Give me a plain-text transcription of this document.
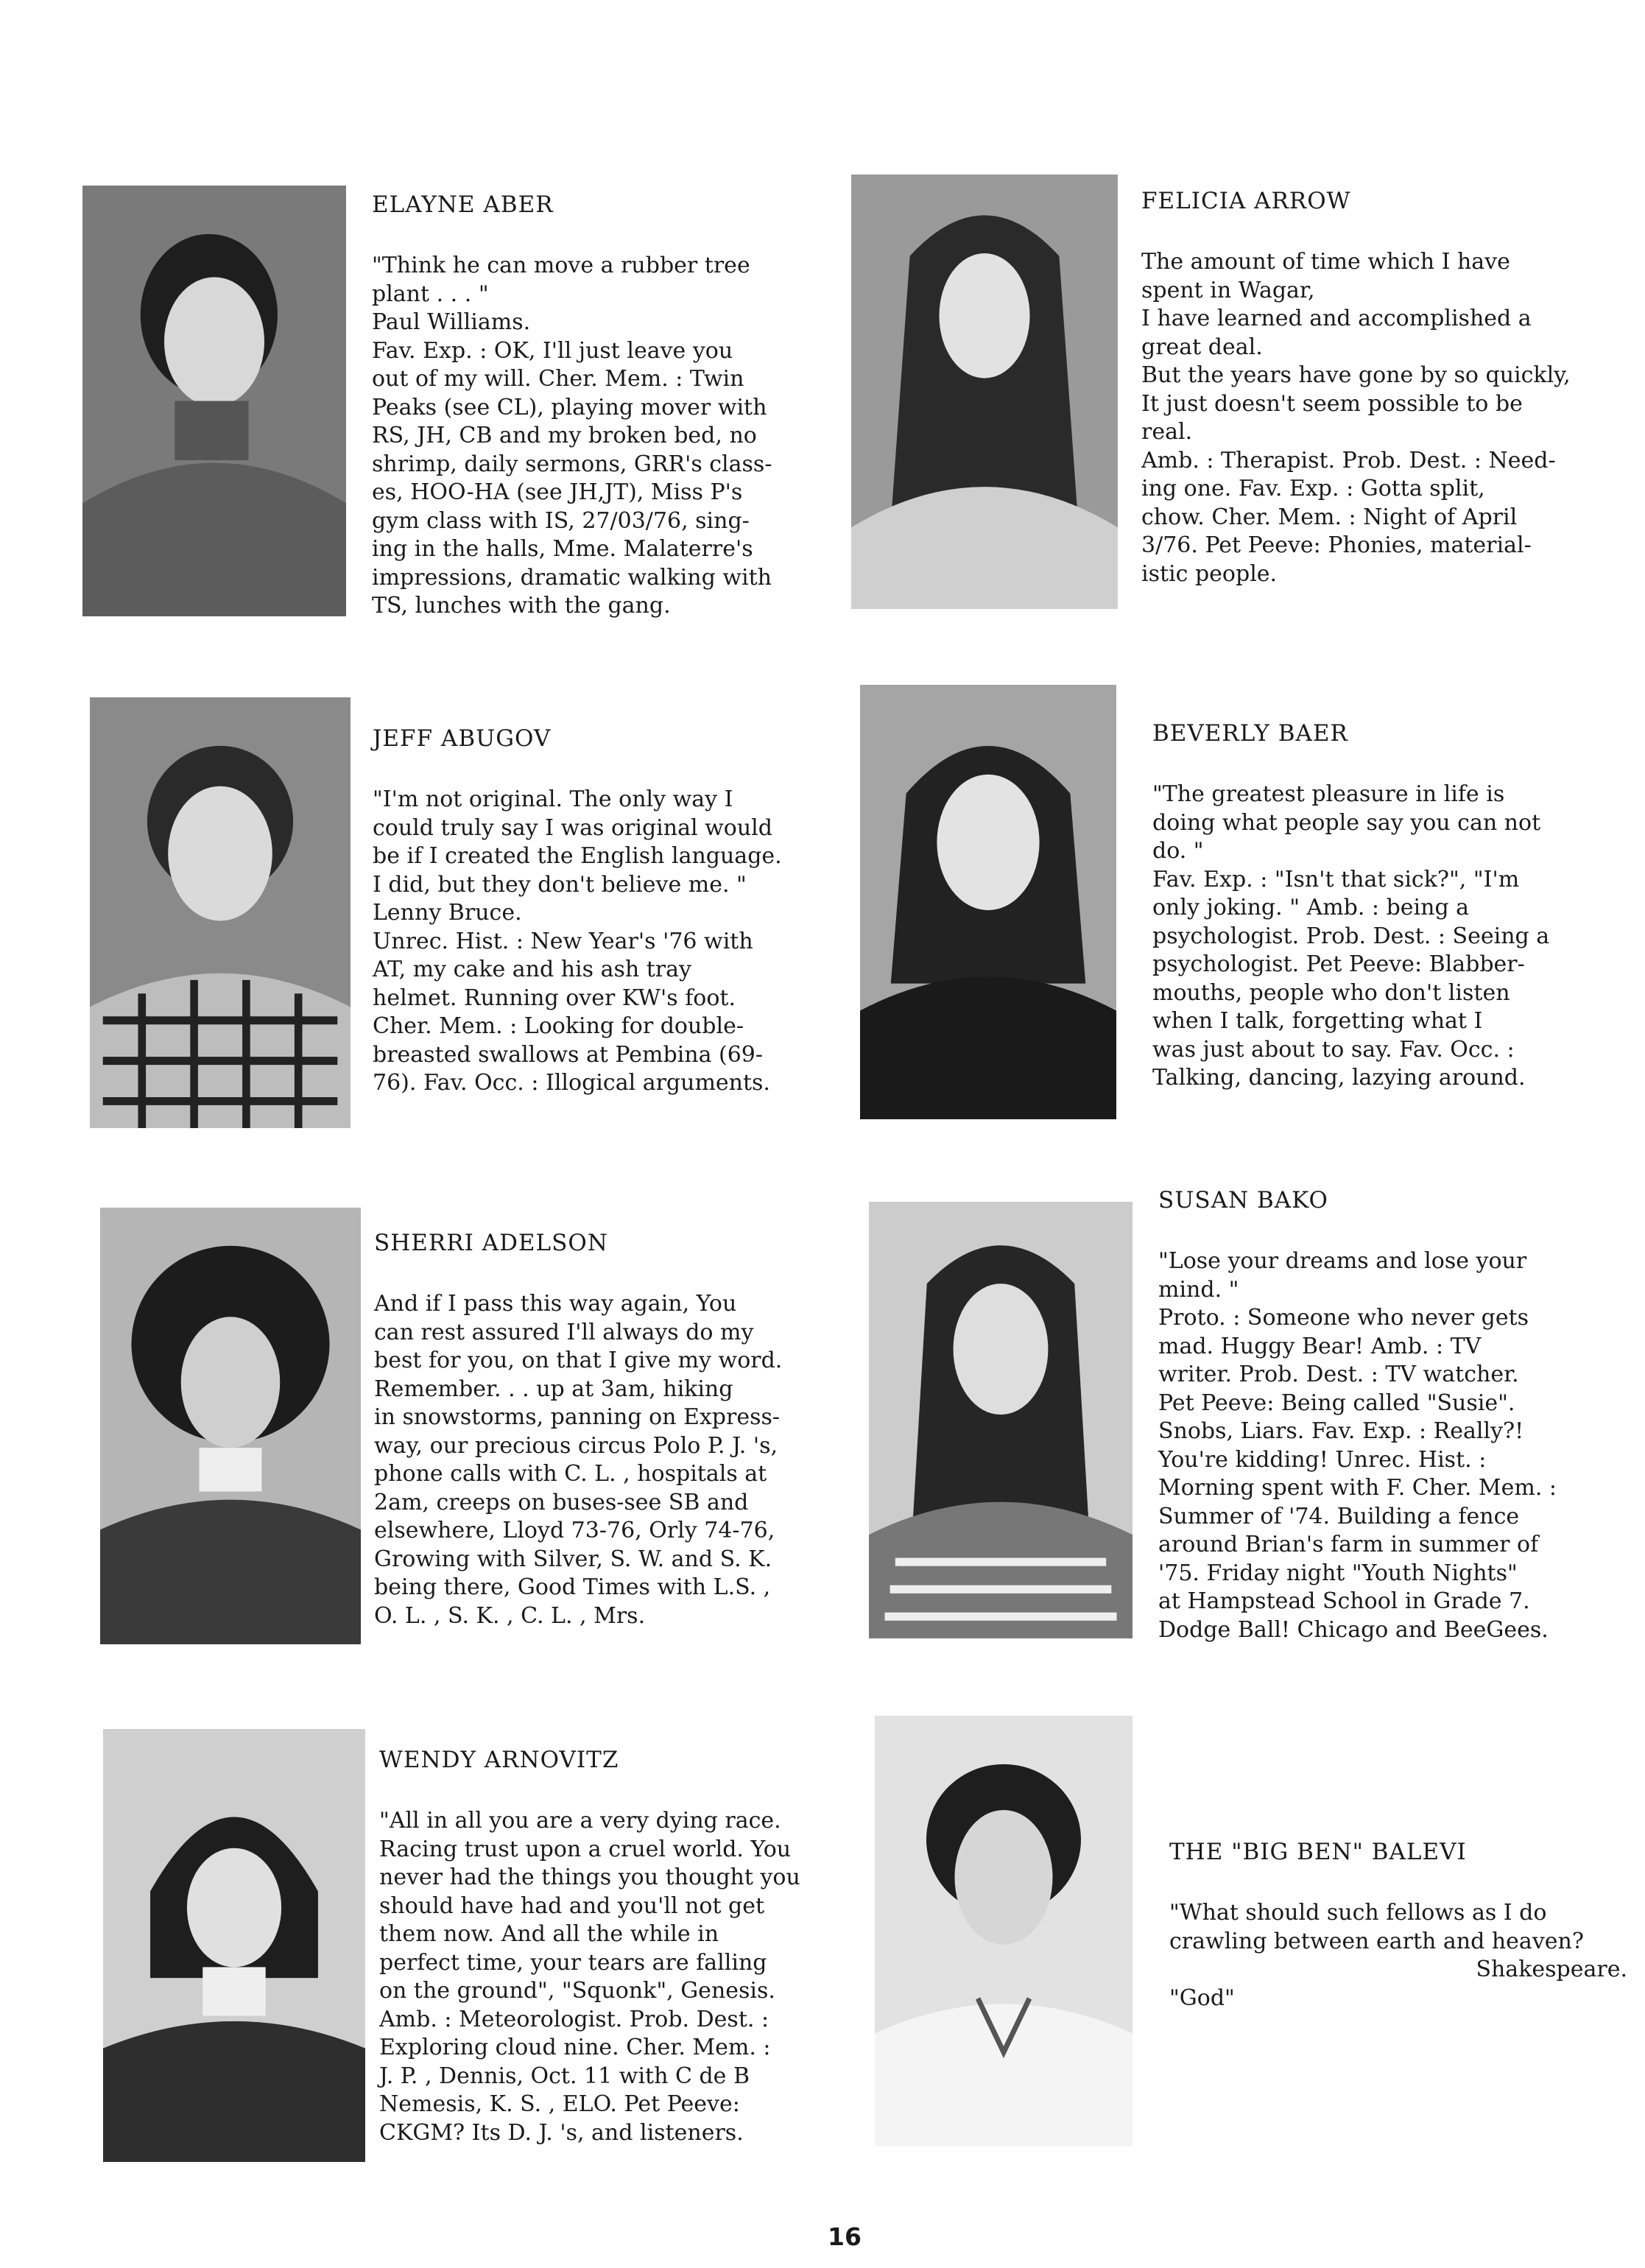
ELAYNE ABER
"Think he can move a rubber tree
plant . . . "
Paul Williams.
Fav. Exp. : OK, I'll just leave you
out of my will. Cher. Mem. : Twin
Peaks (see CL), playing mover with
RS, JH, CB and my broken bed, no
shrimp, daily sermons, GRR's class-
es, HOO-HA (see JH,JT), Miss P's
gym class with IS, 27/03/76, sing-
ing in the halls, Mme. Malaterre's
impressions, dramatic walking with
TS, lunches with the gang.
FELICIA ARROW
The amount of time which I have
spent in Wagar,
I have learned and accomplished a
great deal.
But the years have gone by so quickly,
It just doesn't seem possible to be
real.
Amb. : Therapist. Prob. Dest. : Need-
ing one. Fav. Exp. : Gotta split,
chow. Cher. Mem. : Night of April
3/76. Pet Peeve: Phonies, material-
istic people.
JEFF ABUGOV
"I'm not original. The only way I
could truly say I was original would
be if I created the English language.
I did, but they don't believe me. "
Lenny Bruce.
Unrec. Hist. : New Year's '76 with
AT, my cake and his ash tray
helmet. Running over KW's foot.
Cher. Mem. : Looking for double-
breasted swallows at Pembina (69-
76). Fav. Occ. : Illogical arguments.
BEVERLY BAER
"The greatest pleasure in life is
doing what people say you can not
do. "
Fav. Exp. : "Isn't that sick?", "I'm
only joking. " Amb. : being a
psychologist. Prob. Dest. : Seeing a
psychologist. Pet Peeve: Blabber-
mouths, people who don't listen
when I talk, forgetting what I
was just about to say. Fav. Occ. :
Talking, dancing, lazying around.
SHERRI ADELSON
And if I pass this way again, You
can rest assured I'll always do my
best for you, on that I give my word.
Remember. . . up at 3am, hiking
in snowstorms, panning on Express-
way, our precious circus Polo P. J. 's,
phone calls with C. L. , hospitals at
2am, creeps on buses-see SB and
elsewhere, Lloyd 73-76, Orly 74-76,
Growing with Silver, S. W. and S. K.
being there, Good Times with L.S. ,
O. L. , S. K. , C. L. , Mrs.
SUSAN BAKO
"Lose your dreams and lose your
mind. "
Proto. : Someone who never gets
mad. Huggy Bear! Amb. : TV
writer. Prob. Dest. : TV watcher.
Pet Peeve: Being called "Susie".
Snobs, Liars. Fav. Exp. : Really?!
You're kidding! Unrec. Hist. :
Morning spent with F. Cher. Mem. :
Summer of '74. Building a fence
around Brian's farm in summer of
'75. Friday night "Youth Nights"
at Hampstead School in Grade 7.
Dodge Ball! Chicago and BeeGees.
WENDY ARNOVITZ
"All in all you are a very dying race.
Racing trust upon a cruel world. You
never had the things you thought you
should have had and you'll not get
them now. And all the while in
perfect time, your tears are falling
on the ground", "Squonk", Genesis.
Amb. : Meteorologist. Prob. Dest. :
Exploring cloud nine. Cher. Mem. :
J. P. , Dennis, Oct. 11 with C de B
Nemesis, K. S. , ELO. Pet Peeve:
CKGM? Its D. J. 's, and listeners.
THE "BIG BEN" BALEVI
"What should such fellows as I do
crawling between earth and heaven?
Shakespeare.
"God"
16
